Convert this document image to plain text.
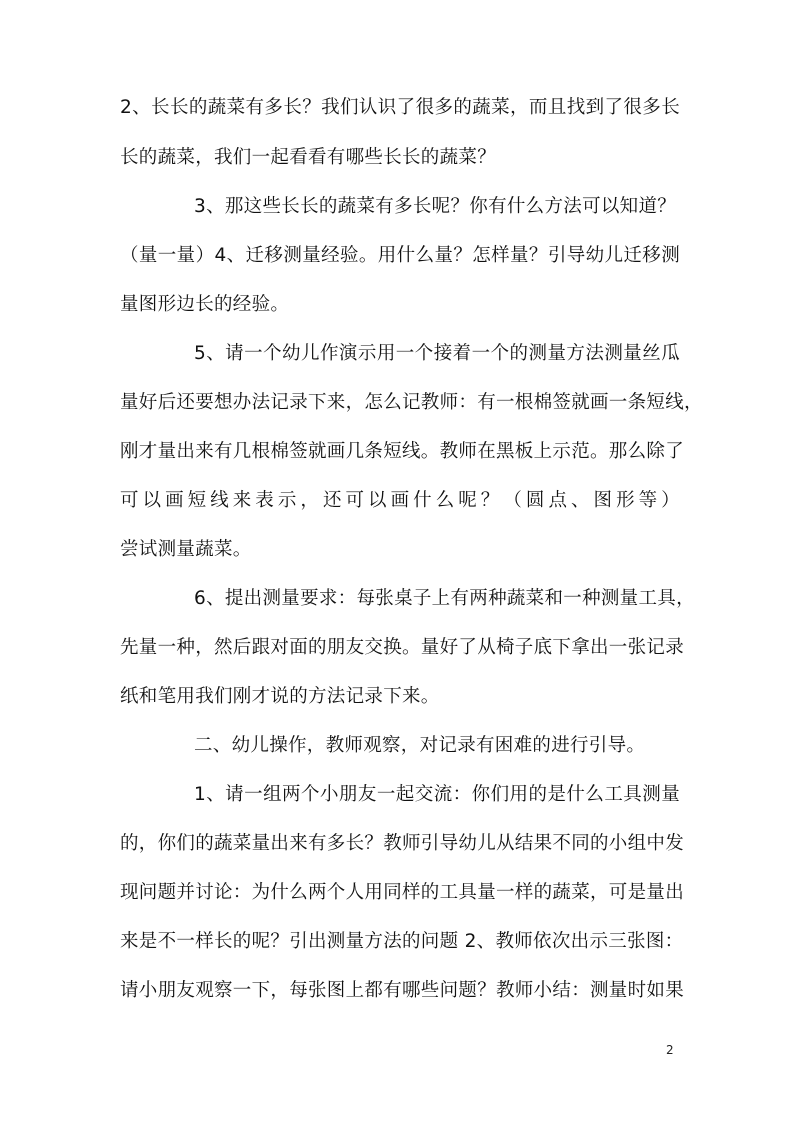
2、长长的蔬菜有多长？我们认识了很多的蔬菜，而且找到了很多长
长的蔬菜，我们一起看看有哪些长长的蔬菜？
3、那这些长长的蔬菜有多长呢？你有什么方法可以知道？
（量一量）4、迁移测量经验。用什么量？怎样量？引导幼儿迁移测
量图形边长的经验。
5、请一个幼儿作演示用一个接着一个的测量方法测量丝瓜
量好后还要想办法记录下来，怎么记教师：有一根棉签就画一条短线，
刚才量出来有几根棉签就画几条短线。教师在黑板上示范。那么除了
可以画短线来表示，还可以画什么呢？（圆点、图形等）
尝试测量蔬菜。
6、提出测量要求：每张桌子上有两种蔬菜和一种测量工具，
先量一种，然后跟对面的朋友交换。量好了从椅子底下拿出一张记录
纸和笔用我们刚才说的方法记录下来。
二、幼儿操作，教师观察，对记录有困难的进行引导。
1、请一组两个小朋友一起交流：你们用的是什么工具测量
的，你们的蔬菜量出来有多长？教师引导幼儿从结果不同的小组中发
现问题并讨论：为什么两个人用同样的工具量一样的蔬菜，可是量出
来是不一样长的呢？引出测量方法的问题 2、教师依次出示三张图：
请小朋友观察一下，每张图上都有哪些问题？教师小结：测量时如果
2
